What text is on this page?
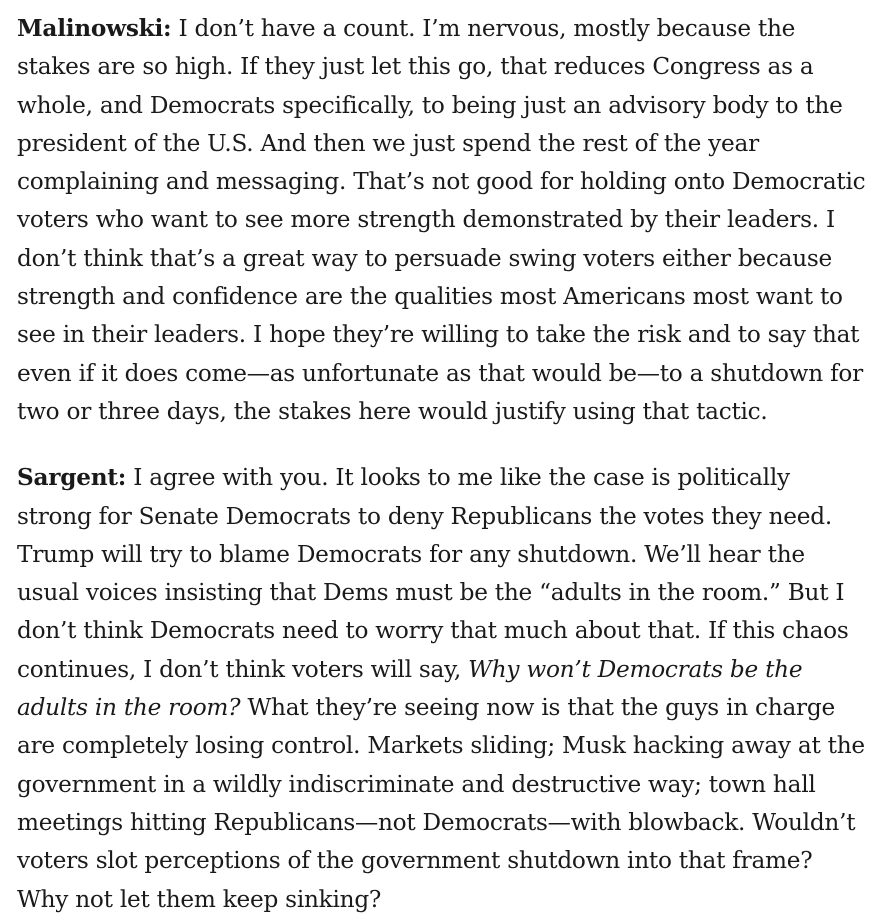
Malinowski: I don’t have a count. I’m nervous, mostly because the stakes are so high. If they just let this go, that reduces Congress as a whole, and Democrats specifically, to being just an advisory body to the president of the U.S. And then we just spend the rest of the year complaining and messaging. That’s not good for holding onto Democratic voters who want to see more strength demonstrated by their leaders. I don’t think that’s a great way to persuade swing voters either because strength and confidence are the qualities most Americans most want to see in their leaders. I hope they’re willing to take the risk and to say that even if it does come—as unfortunate as that would be—to a shutdown for two or three days, the stakes here would justify using that tactic.

Sargent: I agree with you. It looks to me like the case is politically strong for Senate Democrats to deny Republicans the votes they need. Trump will try to blame Democrats for any shutdown. We’ll hear the usual voices insisting that Dems must be the “adults in the room.” But I don’t think Democrats need to worry that much about that. If this chaos continues, I don’t think voters will say, Why won’t Democrats be the adults in the room? What they’re seeing now is that the guys in charge are completely losing control. Markets sliding; Musk hacking away at the government in a wildly indiscriminate and destructive way; town hall meetings hitting Republicans—not Democrats—with blowback. Wouldn’t voters slot perceptions of the government shutdown into that frame? Why not let them keep sinking?
